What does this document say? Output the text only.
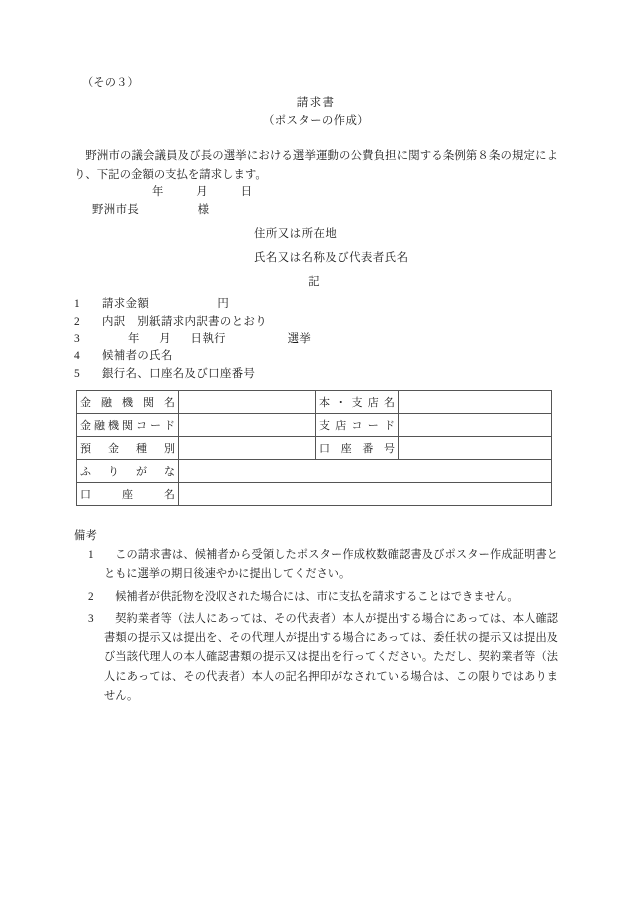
（その３）
請求書
（ポスターの作成）
野洲市の議会議員及び長の選挙における選挙運動の公費負担に関する条例第８条の規定により、下記の金額の支払を請求します。
年	月	日
野洲市長	様
住所又は所在地
氏名又は名称及び代表者氏名
記
1	請求金額                     円
2	内訳　別紙請求内訳書のとおり
3	年      月      日執行                   選挙
4	候補者の氏名
5	銀行名、口座名及び口座番号
金融機関名		本・支店名	
金融機関コード		支店コード	
預金種別		口座番号	
ふりがな			
口座名			
備考
1	この請求書は、候補者から受領したポスター作成枚数確認書及びポスター作成証明書とともに選挙の期日後速やかに提出してください。
2	候補者が供託物を没収された場合には、市に支払を請求することはできません。
3	契約業者等（法人にあっては、その代表者）本人が提出する場合にあっては、本人確認書類の提示又は提出を、その代理人が提出する場合にあっては、委任状の提示又は提出及び当該代理人の本人確認書類の提示又は提出を行ってください。ただし、契約業者等（法人にあっては、その代表者）本人の記名押印がなされている場合は、この限りではありません。
